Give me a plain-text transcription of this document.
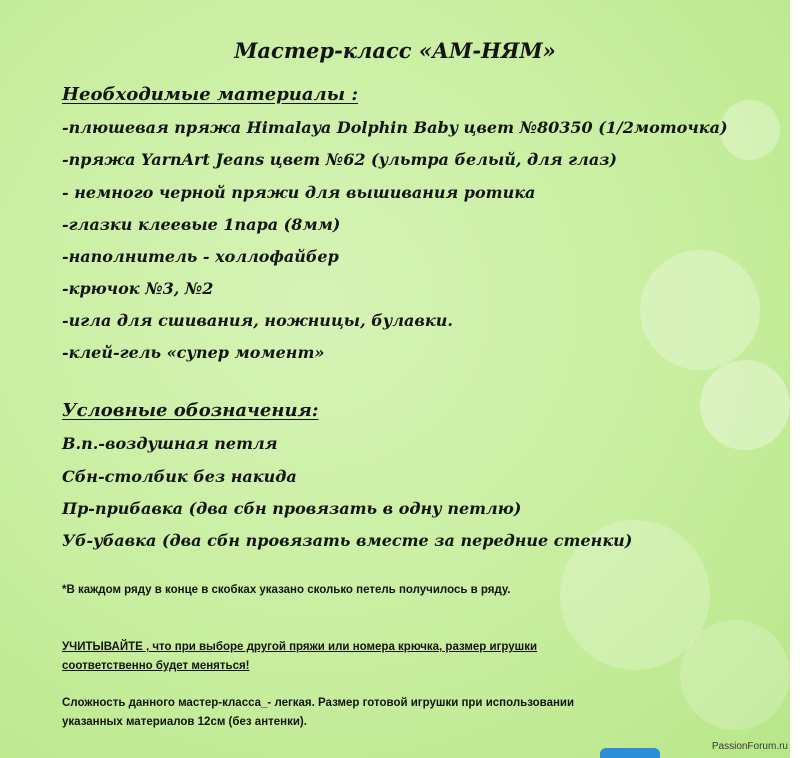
Мастер-класс «АМ-НЯМ»
Необходимые материалы :
-плюшевая пряжа Himalaya Dolphin Baby цвет №80350 (1/2моточка)
-пряжа YarnArt Jeans цвет №62 (ультра белый, для глаз)
- немного черной пряжи для вышивания ротика
-глазки клеевые 1пара (8мм)
-наполнитель - холлофайбер
-крючок №3, №2
-игла для сшивания, ножницы, булавки.
-клей-гель «супер момент»
Условные обозначения:
В.п.-воздушная петля
Сбн-столбик без накида
Пр-прибавка (два сбн провязать в одну петлю)
Уб-убавка (два сбн провязать вместе за передние стенки)
*В каждом ряду в конце в скобках указано сколько петель получилось в ряду.
УЧИТЫВАЙТЕ , что при выборе другой пряжи или номера крючка, размер игрушки
соответственно будет меняться!
Сложность данного мастер-класса_- легкая. Размер готовой игрушки при использовании
указанных материалов 12см (без антенки).
PassionForum.ru
